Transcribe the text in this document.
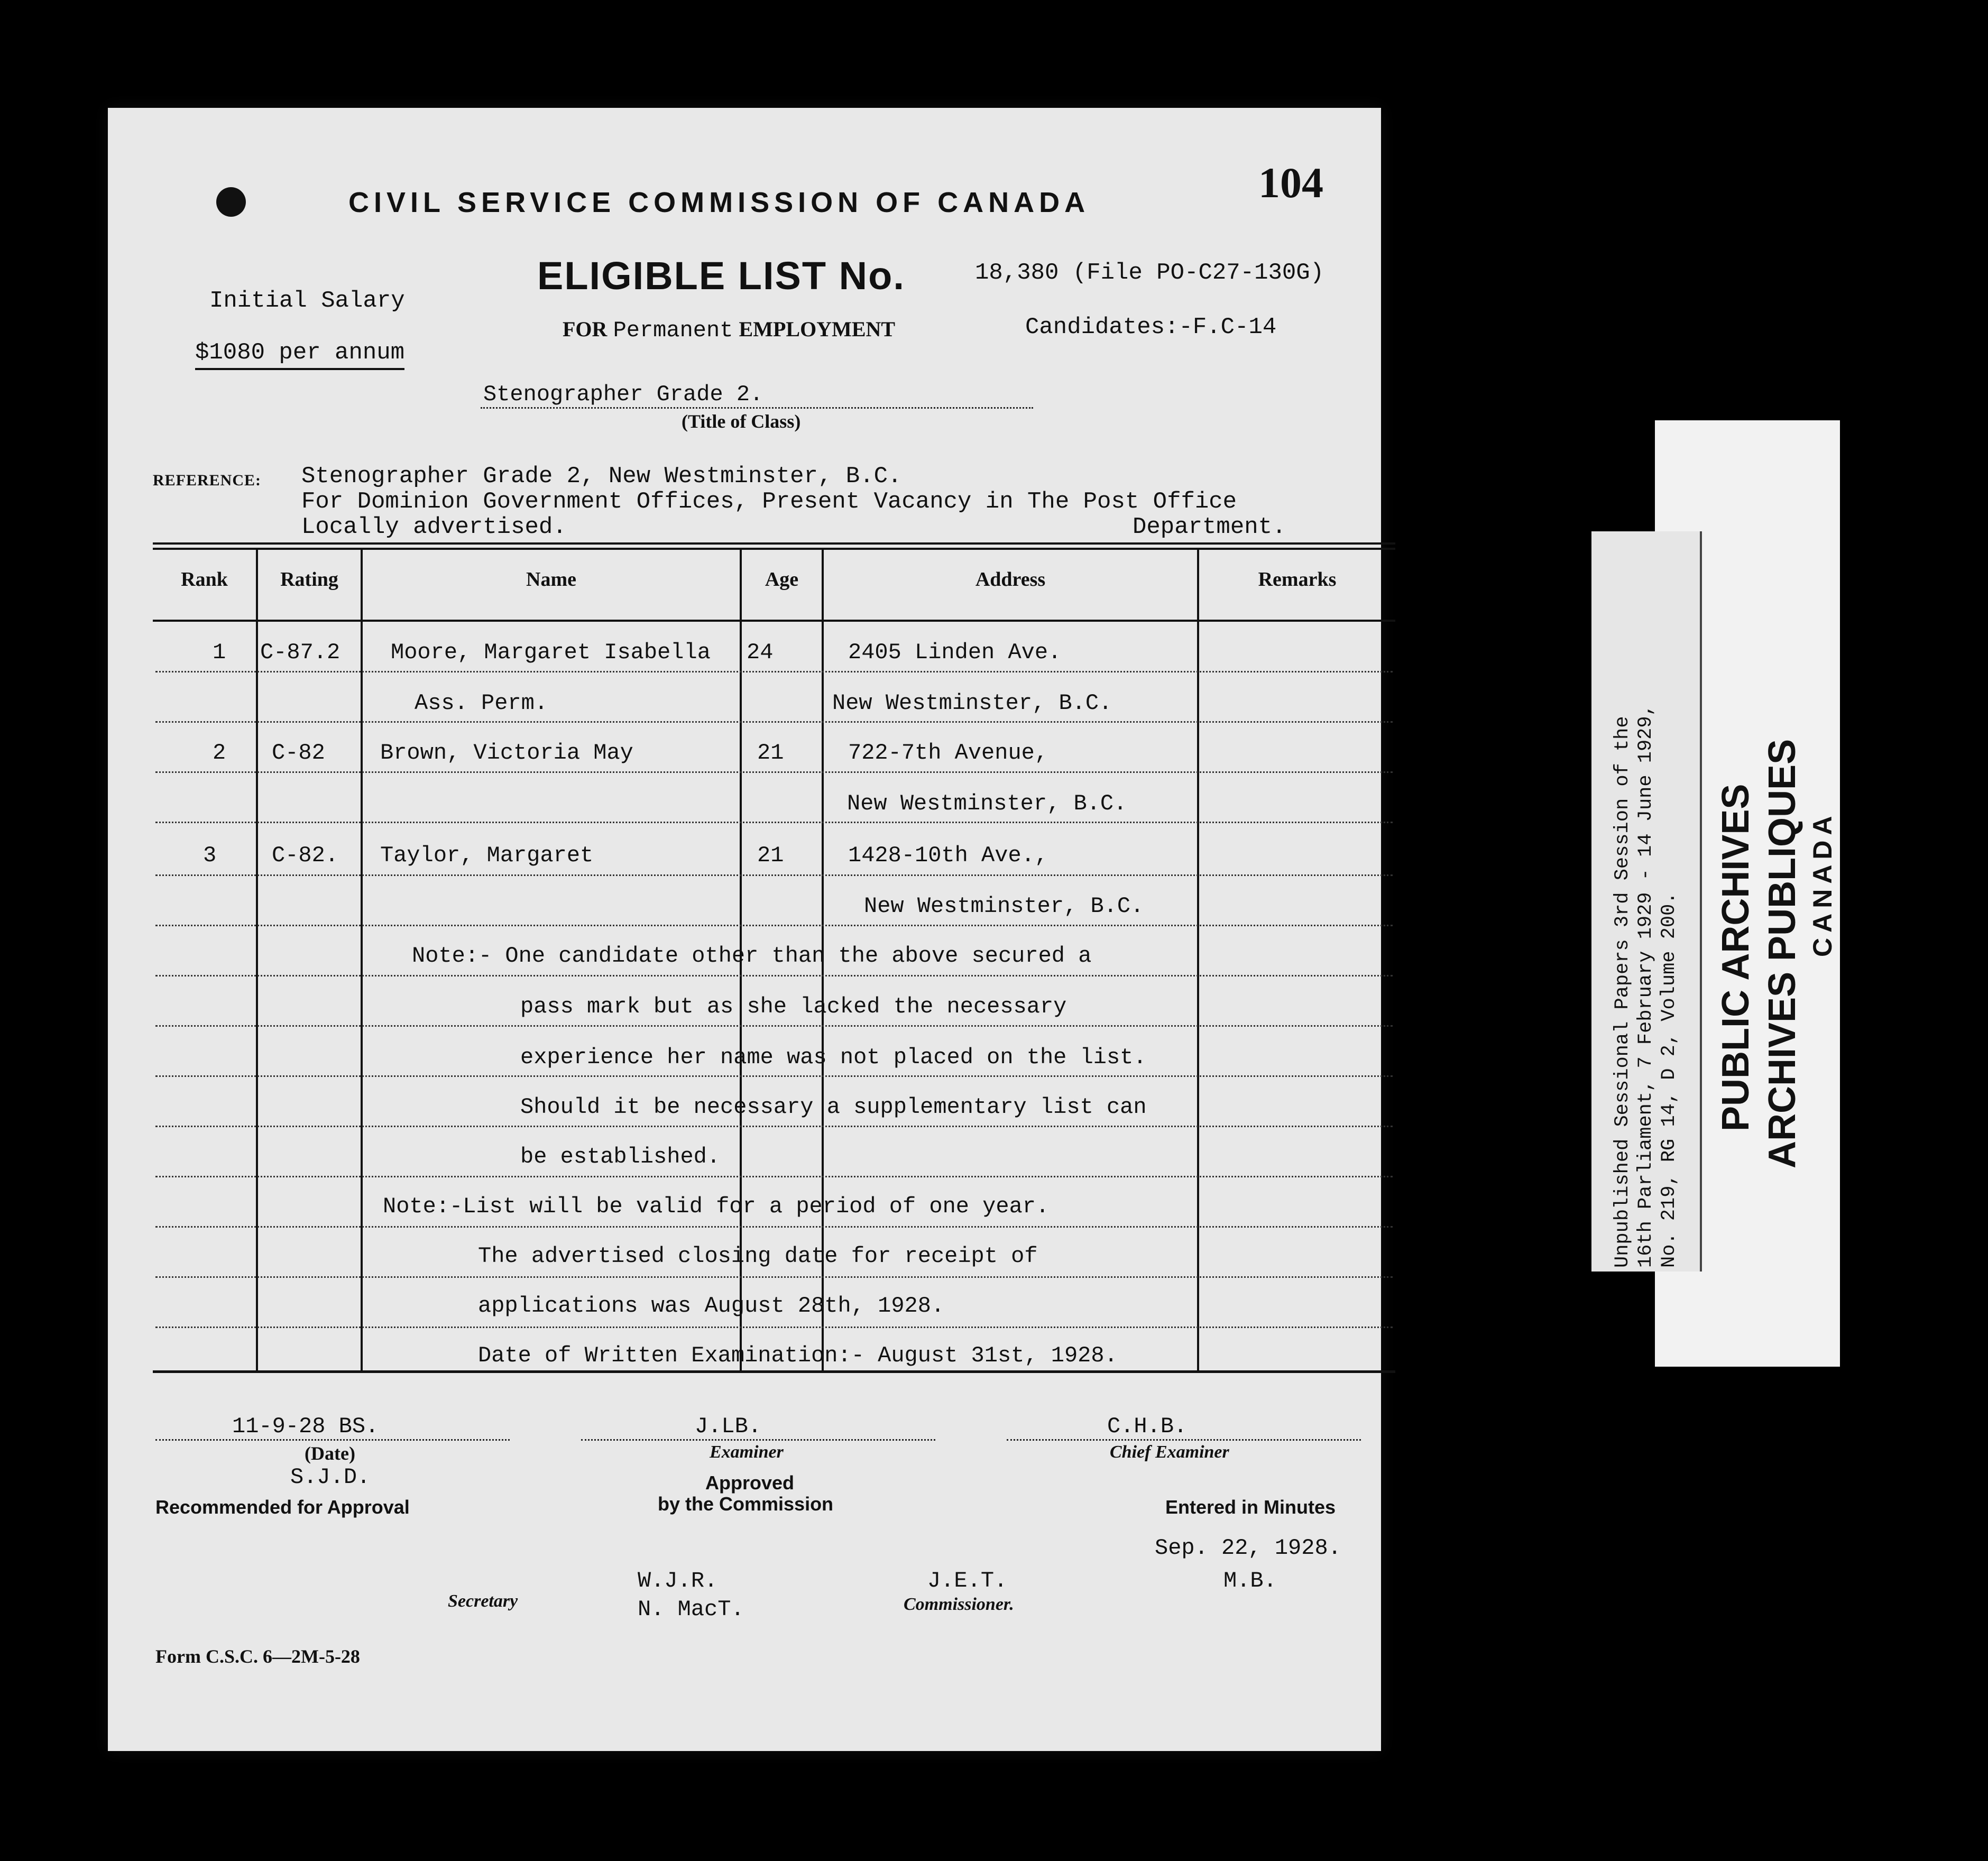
CIVIL SERVICE COMMISSION OF CANADA	104
ELIGIBLE LIST No.	18,380 (File PO-C27-130G)
Initial Salary
$1080 per annum
FOR Permanent EMPLOYMENT	Candidates:-F.C-14
Stenographer Grade 2.
(Title of Class)
REFERENCE: Stenographer Grade 2, New Westminster, B.C.
For Dominion Government Offices, Present Vacancy in The Post Office
Locally advertised.	Department.
Rank	Rating	Name	Age	Address	Remarks
1 C-87.2 Moore, Margaret Isabella 24	2405 Linden Ave.
Ass. Perm.	New Westminster, B.C.
2 C-82 Brown, Victoria May	21	722-7th Avenue,
New Westminster, B.C.
3 C-82. Taylor, Margaret	21	1428-10th Ave.,
New Westminster, B.C.
Note:- One candidate other than the above secured a
pass mark but as she lacked the necessary
experience her name was not placed on the list.
Should it be necessary a supplementary list can
be established.
Note:-List will be valid for a period of one year.
The advertised closing date for receipt of
applications was August 28th, 1928.
Date of Written Examination:- August 31st, 1928.
11-9-28 BS.
(Date)
S.J.D.
Recommended for Approval
J.LB.
Examiner
Approved
by the Commission
C.H.B.
Chief Examiner
Entered in Minutes
Sep. 22, 1928.
M.B.
Secretary
W.J.R.
N. MacT.
J.E.T.
Commissioner.
Form C.S.C. 6—2M-5-28
Unpublished Sessional Papers 3rd Session of the 16th Parliament, 7 February 1929 - 14 June 1929, No. 219, RG 14, D 2, Volume 200. PUBLIC ARCHIVES ARCHIVES PUBLIQUES CANADA
